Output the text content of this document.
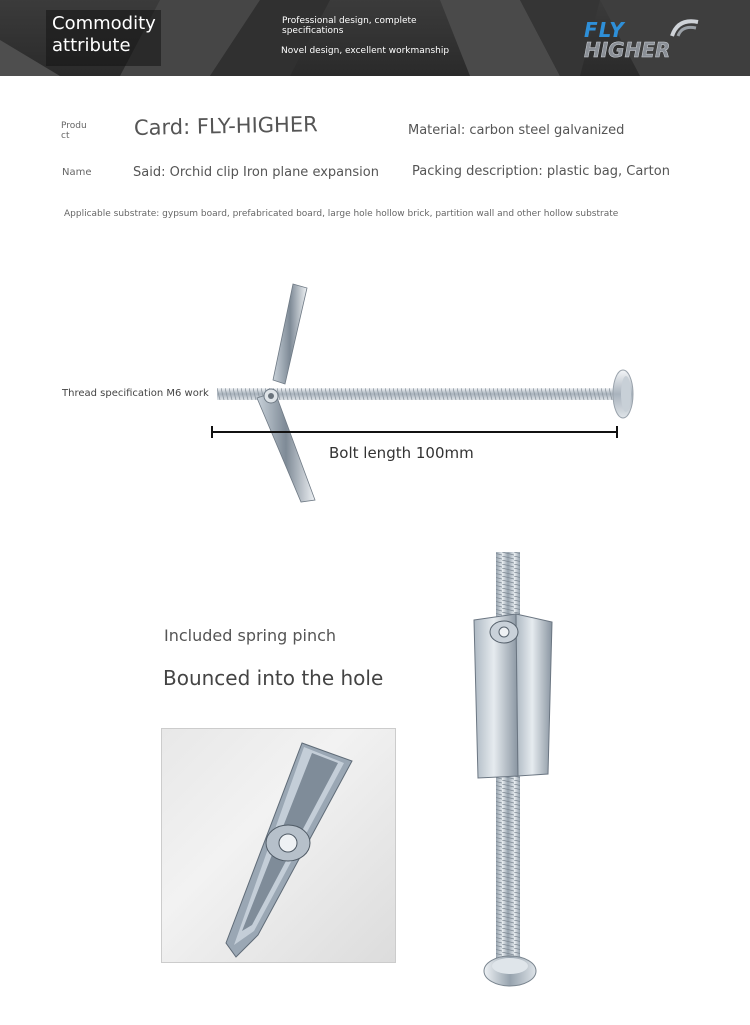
Commodity
attribute
Professional design, complete specifications
Novel design, excellent workmanship
FLY
HIGHER
Produ
ct	Card: FLY-HIGHER	Material: carbon steel galvanized
Name	Said: Orchid clip Iron plane expansion	Packing description: plastic bag, Carton
Applicable substrate: gypsum board, prefabricated board, large hole hollow brick, partition wall and other hollow substrate
Thread specification M6 work
Bolt length 100mm
Included spring pinch
Bounced into the hole
